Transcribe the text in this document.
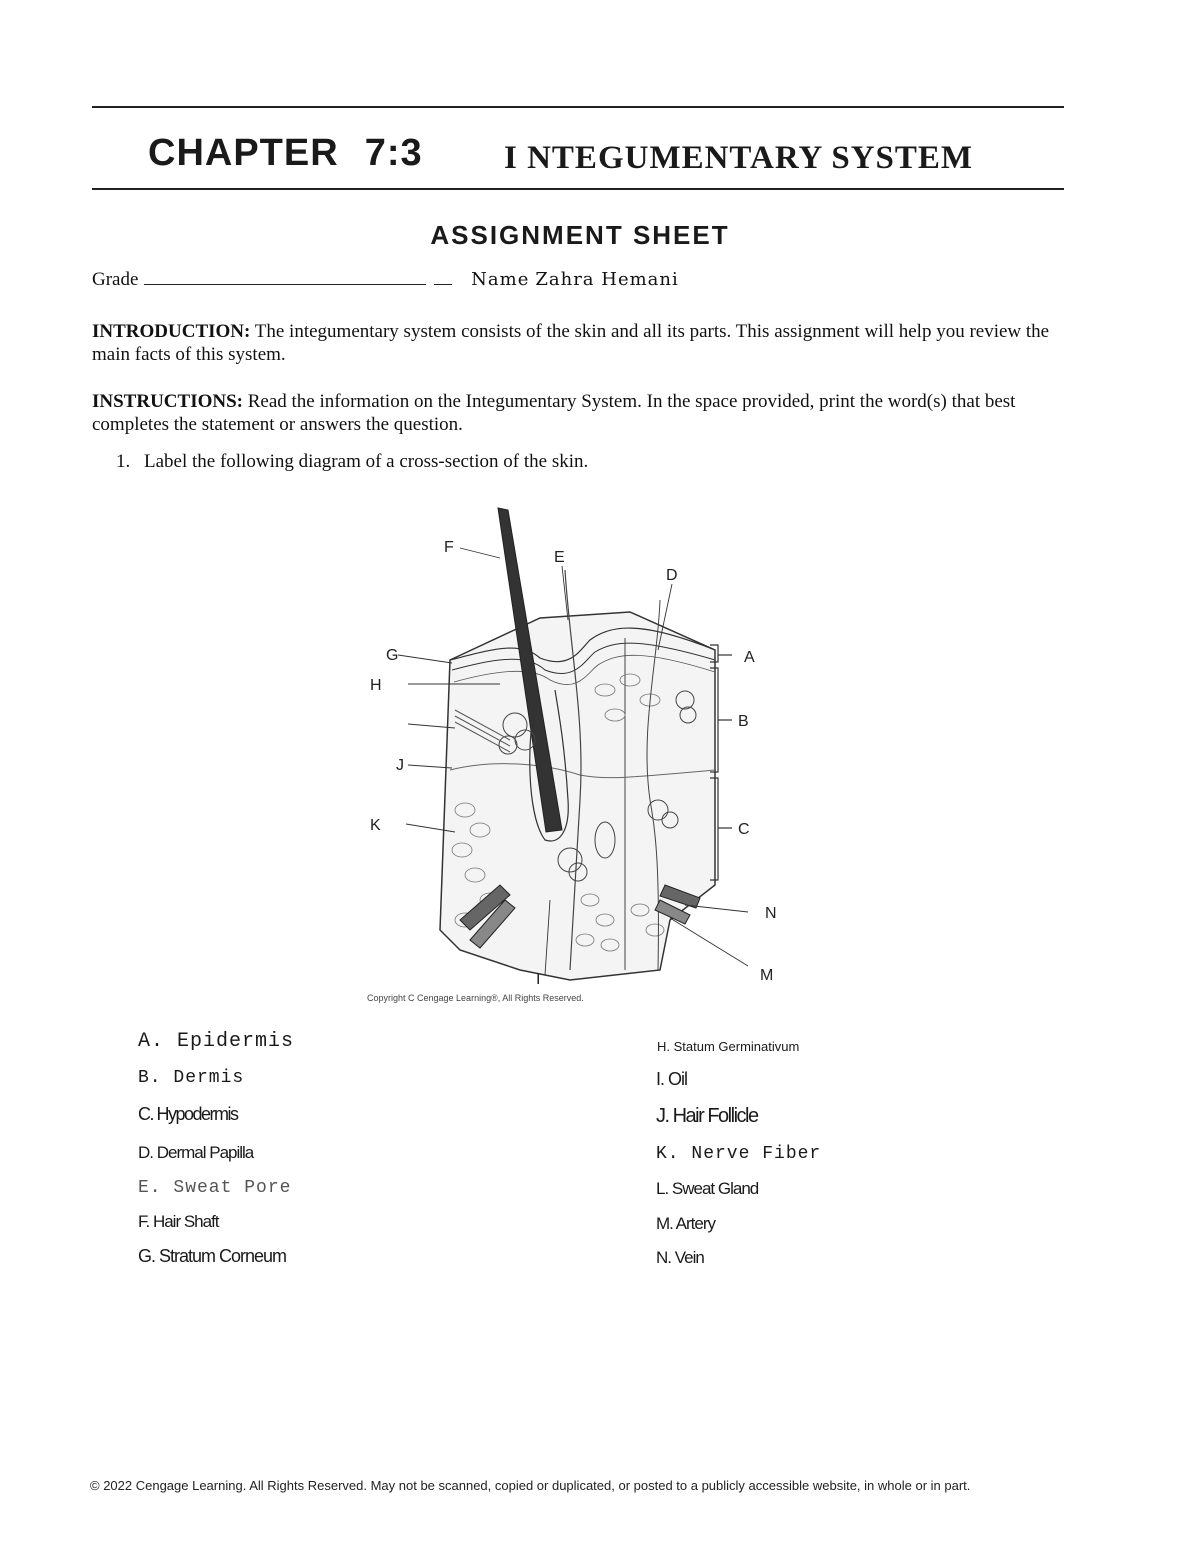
CHAPTER 7:3 I NTEGUMENTARY SYSTEM
ASSIGNMENT SHEET
Grade	Name Zahra Hemani
INTRODUCTION: The integumentary system consists of the skin and all its parts. This assignment will help you review the main facts of this system.
INSTRUCTIONS: Read the information on the Integumentary System. In the space provided, print the word(s) that best completes the statement or answers the question.
1. Label the following diagram of a cross-section of the skin.
A
B
C
D
E
F
G
H
J
K
I
N
M
Copyright C Cengage Learning®, All Rights Reserved.
A. Epidermis
B. Dermis
C. Hypodermis
D. Dermal Papilla
E. Sweat Pore
F. Hair Shaft
G. Stratum Corneum
H. Statum Germinativum
I. Oil
J. Hair Follicle
K. Nerve Fiber
L. Sweat Gland
M. Artery
N. Vein
© 2022 Cengage Learning. All Rights Reserved. May not be scanned, copied or duplicated, or posted to a publicly accessible website, in whole or in part.
